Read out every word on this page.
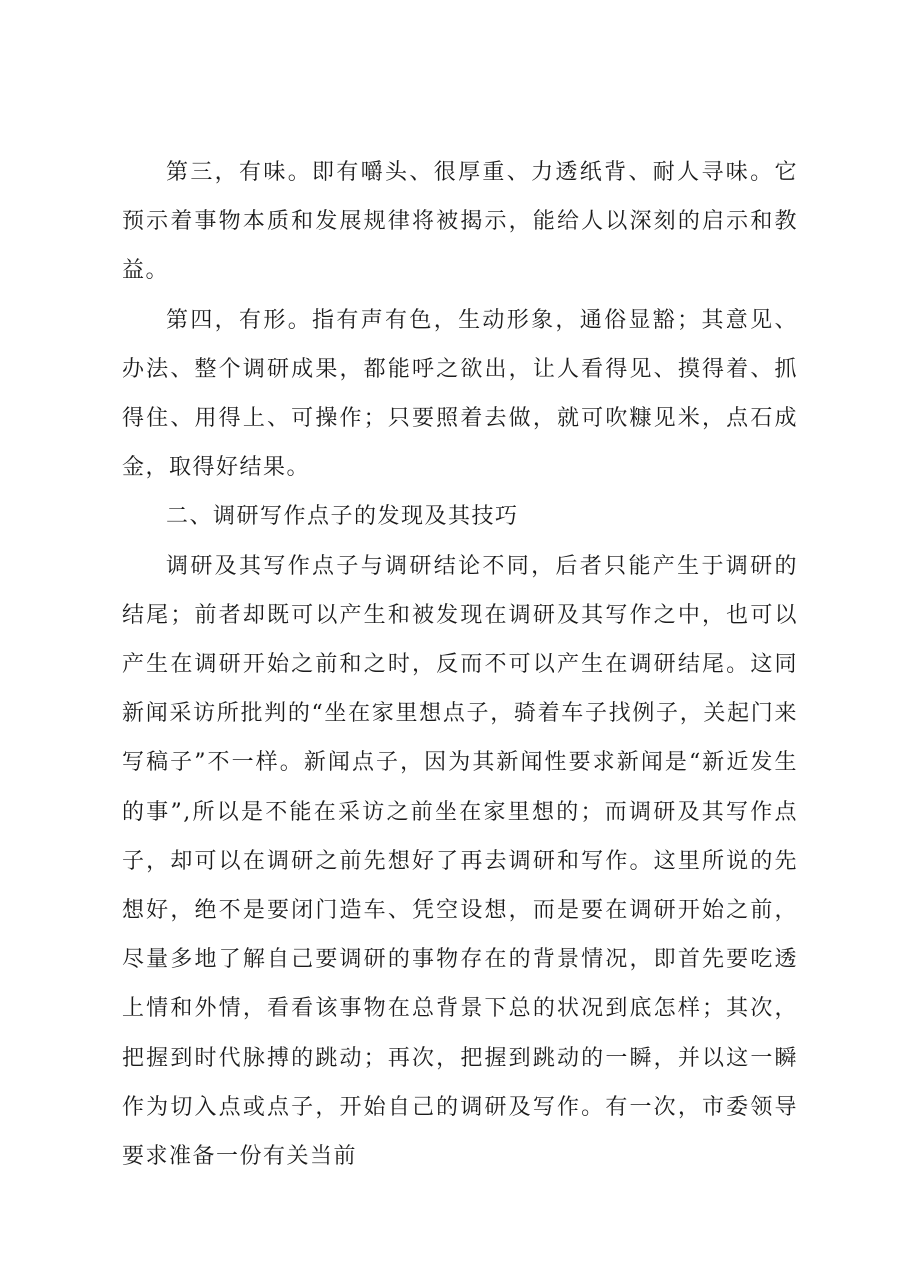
第三，有味。即有嚼头、很厚重、力透纸背、耐人寻味。它预示着事物本质和发展规律将被揭示，能给人以深刻的启示和教益。

第四，有形。指有声有色，生动形象，通俗显豁；其意见、办法、整个调研成果，都能呼之欲出，让人看得见、摸得着、抓得住、用得上、可操作；只要照着去做，就可吹糠见米，点石成金，取得好结果。

二、调研写作点子的发现及其技巧

调研及其写作点子与调研结论不同，后者只能产生于调研的结尾；前者却既可以产生和被发现在调研及其写作之中，也可以产生在调研开始之前和之时，反而不可以产生在调研结尾。这同新闻采访所批判的“坐在家里想点子，骑着车子找例子，关起门来写稿子”不一样。新闻点子，因为其新闻性要求新闻是“新近发生的事”,所以是不能在采访之前坐在家里想的；而调研及其写作点子，却可以在调研之前先想好了再去调研和写作。这里所说的先想好，绝不是要闭门造车、凭空设想，而是要在调研开始之前，尽量多地了解自己要调研的事物存在的背景情况，即首先要吃透上情和外情，看看该事物在总背景下总的状况到底怎样；其次，把握到时代脉搏的跳动；再次，把握到跳动的一瞬，并以这一瞬作为切入点或点子，开始自己的调研及写作。有一次，市委领导要求准备一份有关当前
